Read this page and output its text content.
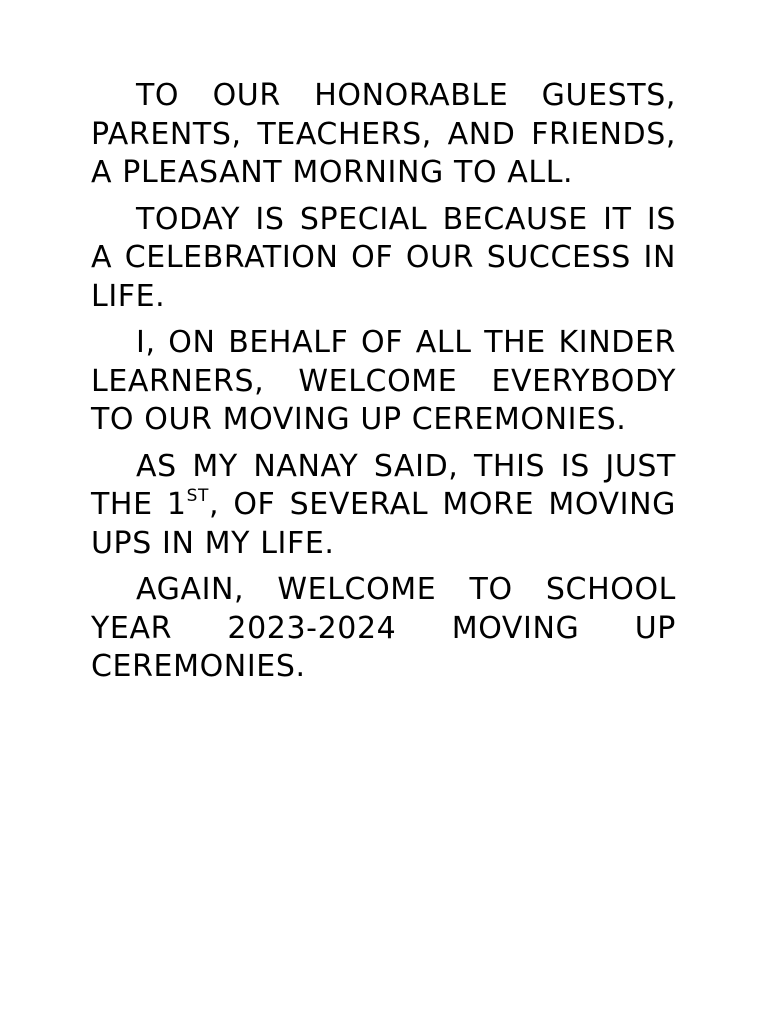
TO OUR HONORABLE GUESTS, PARENTS, TEACHERS, AND FRIENDS, A PLEASANT MORNING TO ALL.

TODAY IS SPECIAL BECAUSE IT IS A CELEBRATION OF OUR SUCCESS IN LIFE.

I, ON BEHALF OF ALL THE KINDER LEARNERS, WELCOME EVERYBODY TO OUR MOVING UP CEREMONIES.

AS MY NANAY SAID, THIS IS JUST THE 1ST, OF SEVERAL MORE MOVING UPS IN MY LIFE.

AGAIN, WELCOME TO SCHOOL YEAR 2023-2024 MOVING UP CEREMONIES.
